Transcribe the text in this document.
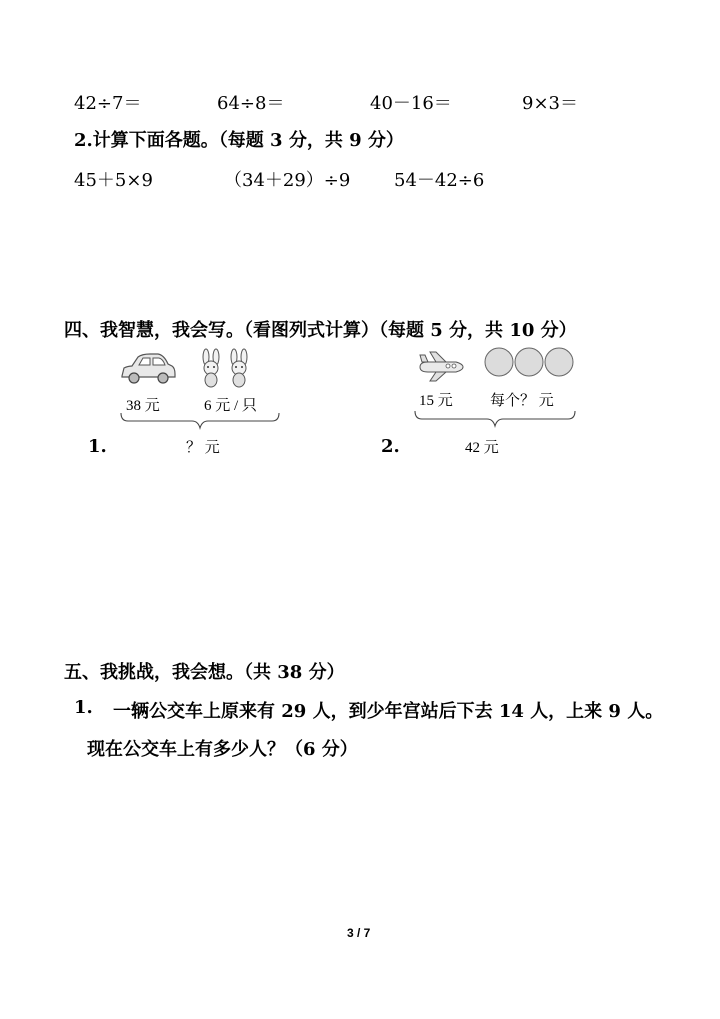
42÷7＝	64÷8＝	40－16＝	9×3＝
2.计算下面各题。（每题 3 分，共 9 分）
45＋5×9	（34＋29）÷9 54－42÷6
四、我智慧，我会写。（看图列式计算）（每题 5 分，共 10 分）
38 元	6 元 / 只
1.	？ 元
15 元 每个？ 元
2.	42 元
五、我挑战，我会想。（共 38 分）
1. 一辆公交车上原来有 29 人，到少年宫站后下去 14 人，上来 9 人。
现在公交车上有多少人？（6 分）
3 / 7
